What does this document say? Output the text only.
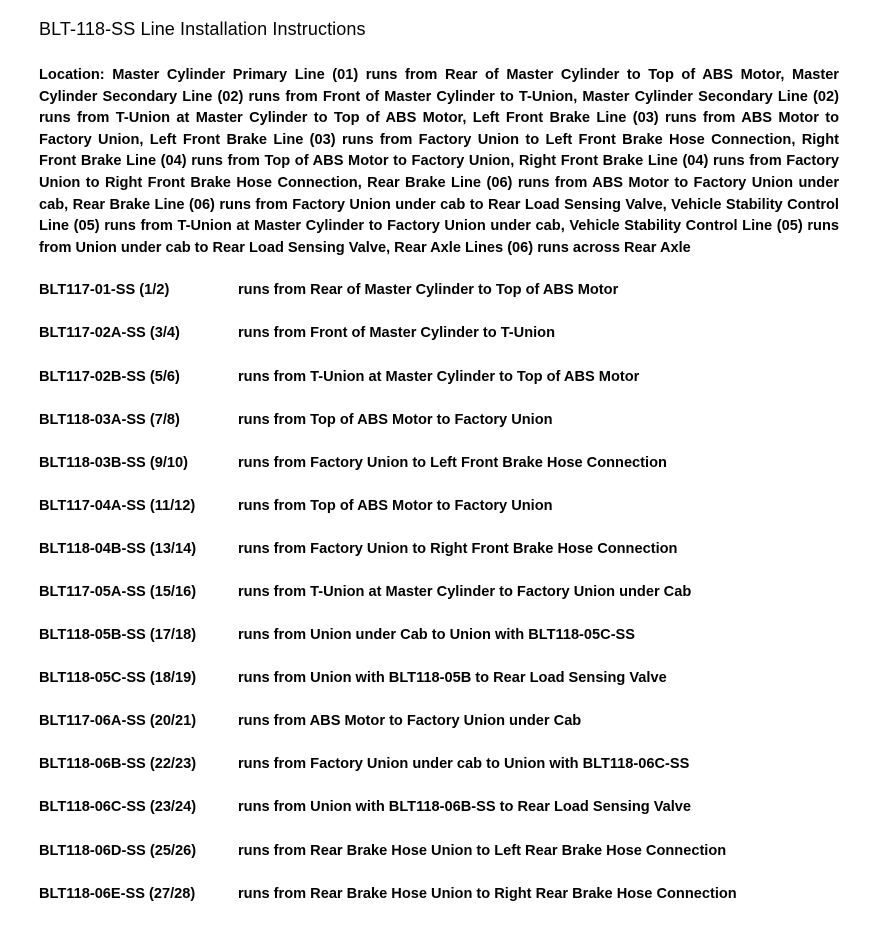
BLT-118-SS Line Installation Instructions

Location: Master Cylinder Primary Line (01) runs from Rear of Master Cylinder to Top of ABS Motor, Master Cylinder Secondary Line (02) runs from Front of Master Cylinder to T-Union, Master Cylinder Secondary Line (02) runs from T-Union at Master Cylinder to Top of ABS Motor, Left Front Brake Line (03) runs from ABS Motor to Factory Union, Left Front Brake Line (03) runs from Factory Union to Left Front Brake Hose Connection, Right Front Brake Line (04) runs from Top of ABS Motor to Factory Union, Right Front Brake Line (04) runs from Factory Union to Right Front Brake Hose Connection, Rear Brake Line (06) runs from ABS Motor to Factory Union under cab, Rear Brake Line (06) runs from Factory Union under cab to Rear Load Sensing Valve, Vehicle Stability Control Line (05) runs from T-Union at Master Cylinder to Factory Union under cab, Vehicle Stability Control Line (05) runs from Union under cab to Rear Load Sensing Valve, Rear Axle Lines (06) runs across Rear Axle

BLT117-01-SS (1/2)	runs from Rear of Master Cylinder to Top of ABS Motor
BLT117-02A-SS (3/4)	runs from Front of Master Cylinder to T-Union
BLT117-02B-SS (5/6)	runs from T-Union at Master Cylinder to Top of ABS Motor
BLT118-03A-SS (7/8)	runs from Top of ABS Motor to Factory Union
BLT118-03B-SS (9/10)	runs from Factory Union to Left Front Brake Hose Connection
BLT117-04A-SS (11/12)	runs from Top of ABS Motor to Factory Union
BLT118-04B-SS (13/14)	runs from Factory Union to Right Front Brake Hose Connection
BLT117-05A-SS (15/16)	runs from T-Union at Master Cylinder to Factory Union under Cab
BLT118-05B-SS (17/18)	runs from Union under Cab to Union with BLT118-05C-SS
BLT118-05C-SS (18/19)	runs from Union with BLT118-05B to Rear Load Sensing Valve
BLT117-06A-SS (20/21)	runs from ABS Motor to Factory Union under Cab
BLT118-06B-SS (22/23)	runs from Factory Union under cab to Union with BLT118-06C-SS
BLT118-06C-SS (23/24)	runs from Union with BLT118-06B-SS to Rear Load Sensing Valve
BLT118-06D-SS (25/26)	runs from Rear Brake Hose Union to Left Rear Brake Hose Connection
BLT118-06E-SS (27/28)	runs from Rear Brake Hose Union to Right Rear Brake Hose Connection
